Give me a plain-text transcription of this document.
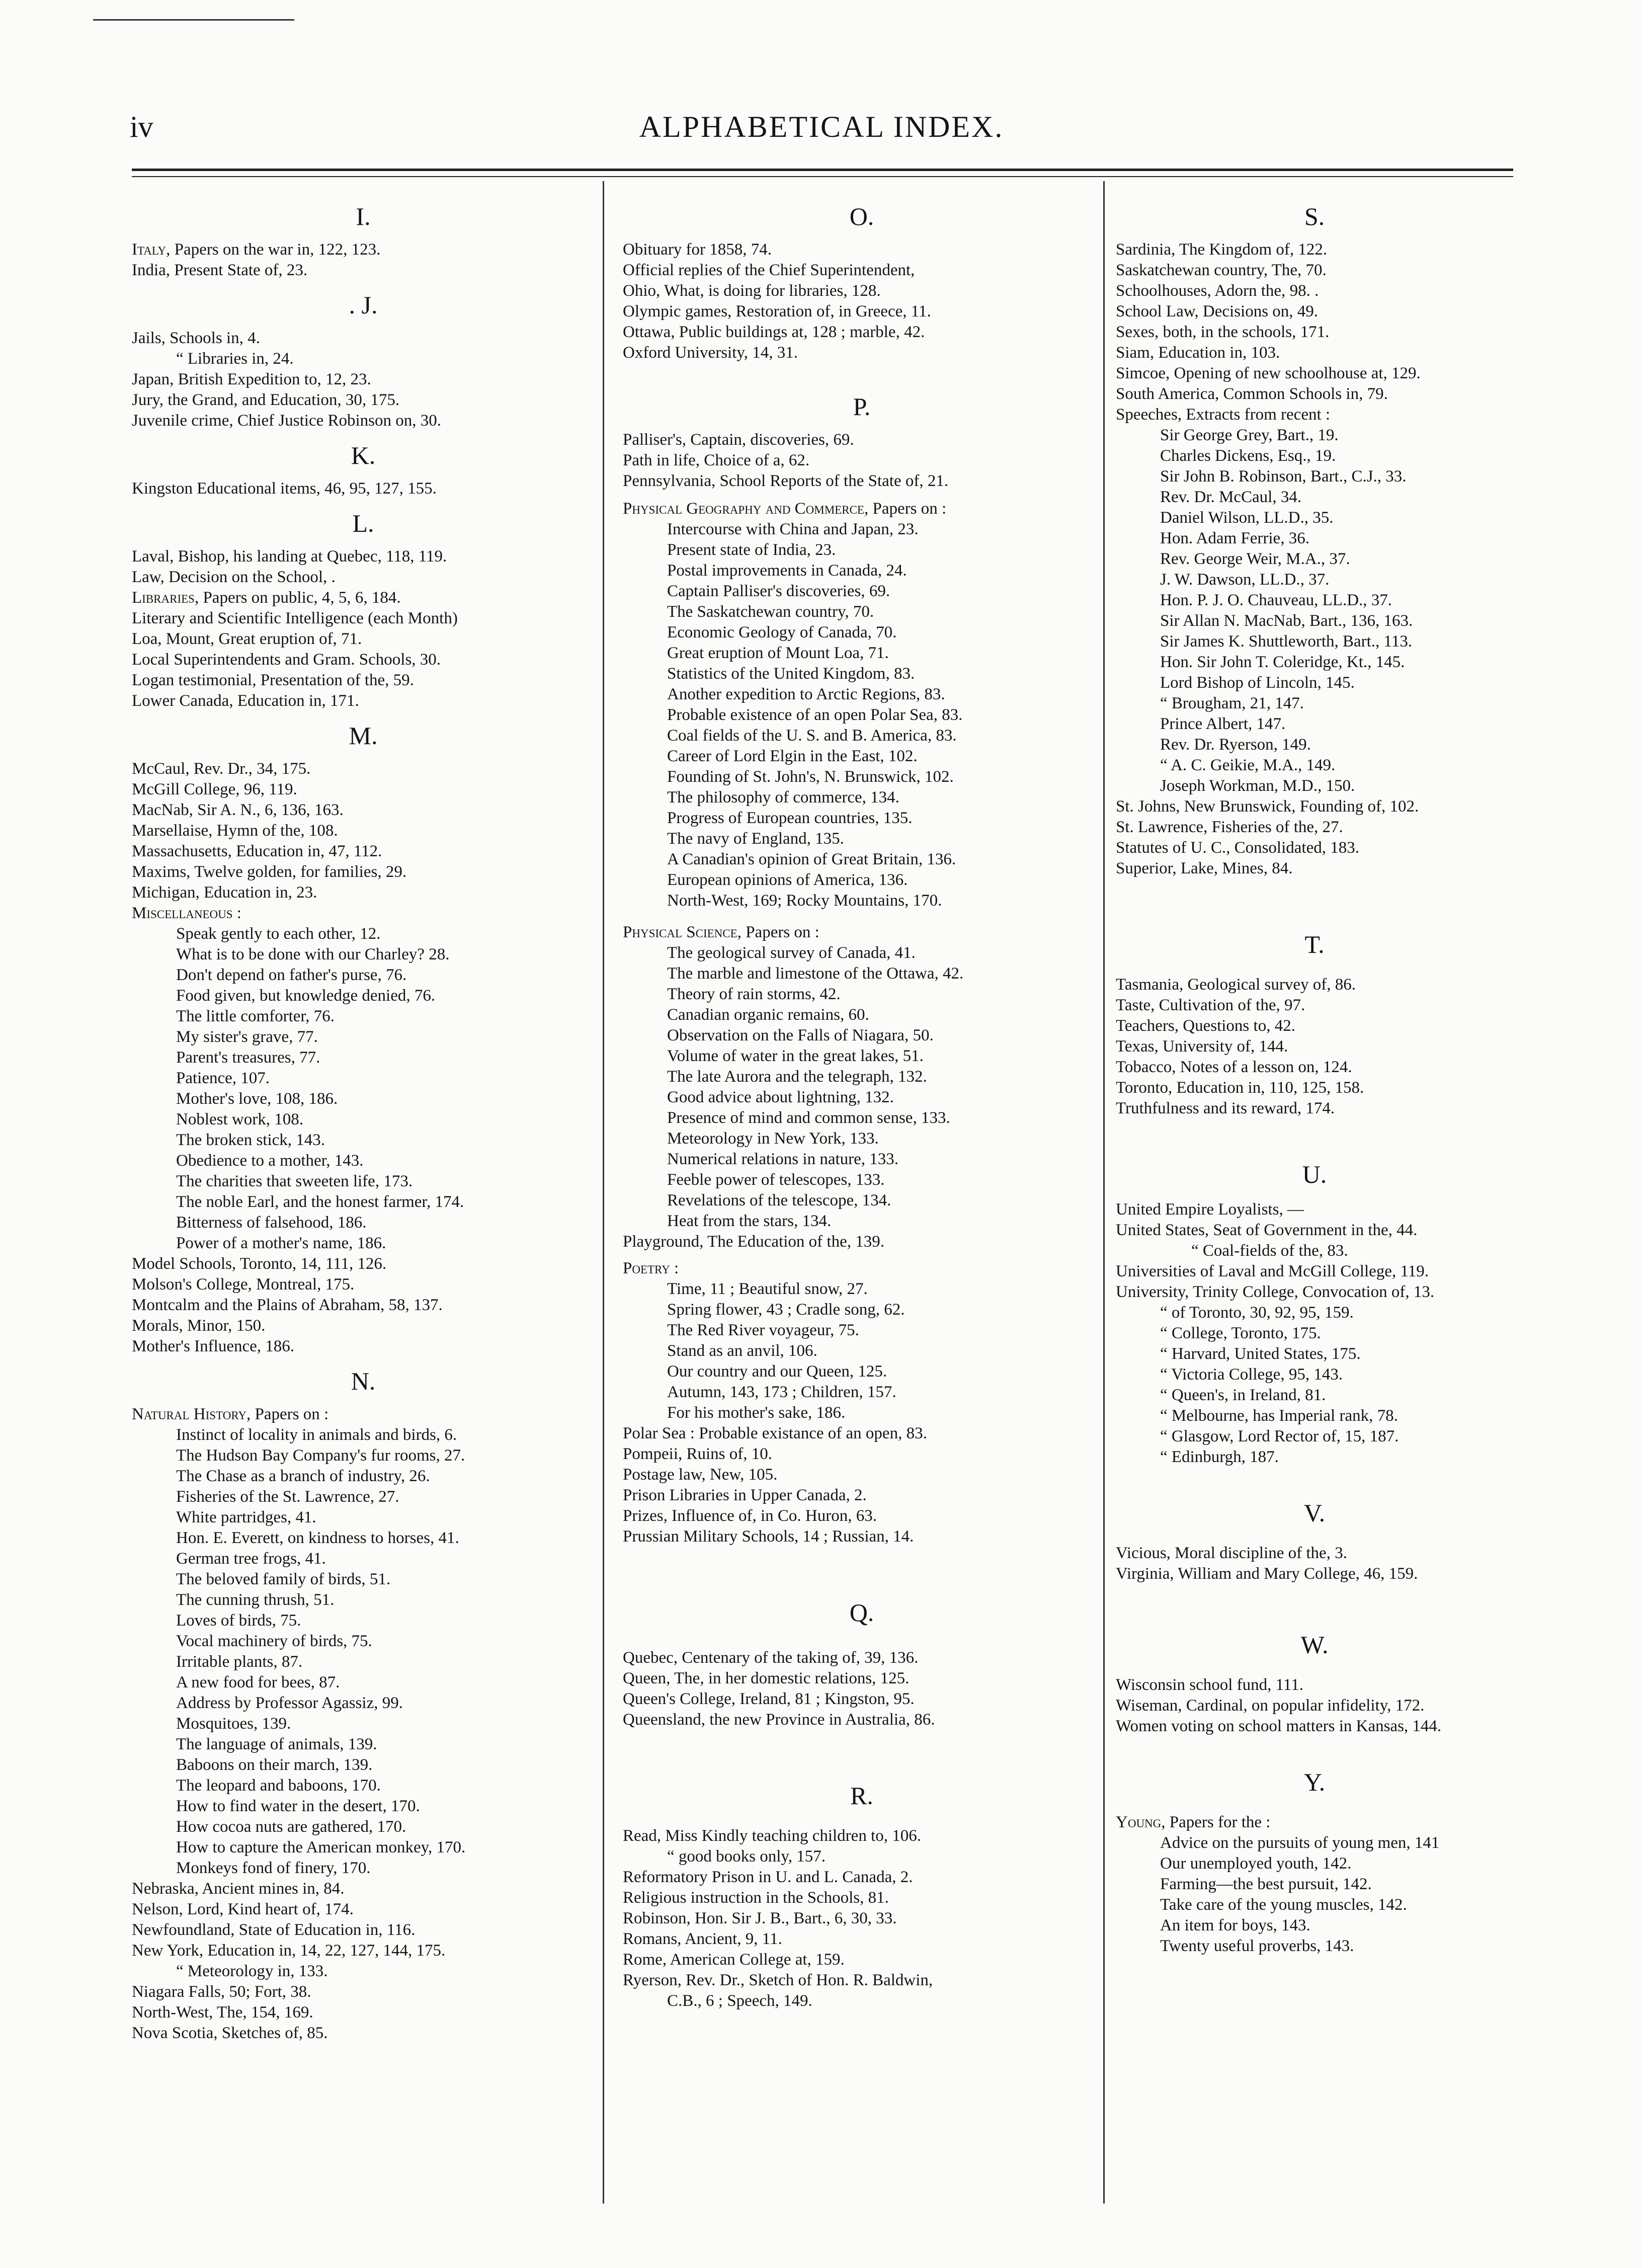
iv	ALPHABETICAL INDEX.
I.
Italy, Papers on the war in, 122, 123.
India, Present State of, 23.
. J.
Jails, Schools in, 4.
“ Libraries in, 24.
Japan, British Expedition to, 12, 23.
Jury, the Grand, and Education, 30, 175.
Juvenile crime, Chief Justice Robinson on, 30.
K.
Kingston Educational items, 46, 95, 127, 155.
L.
Laval, Bishop, his landing at Quebec, 118, 119.
Law, Decision on the School, .
Libraries, Papers on public, 4, 5, 6, 184.
Literary and Scientific Intelligence (each Month)
Loa, Mount, Great eruption of, 71.
Local Superintendents and Gram. Schools, 30.
Logan testimonial, Presentation of the, 59.
Lower Canada, Education in, 171.
M.
McCaul, Rev. Dr., 34, 175.
McGill College, 96, 119.
MacNab, Sir A. N., 6, 136, 163.
Marsellaise, Hymn of the, 108.
Massachusetts, Education in, 47, 112.
Maxims, Twelve golden, for families, 29.
Michigan, Education in, 23.
Miscellaneous :
Speak gently to each other, 12.
What is to be done with our Charley? 28.
Don't depend on father's purse, 76.
Food given, but knowledge denied, 76.
The little comforter, 76.
My sister's grave, 77.
Parent's treasures, 77.
Patience, 107.
Mother's love, 108, 186.
Noblest work, 108.
The broken stick, 143.
Obedience to a mother, 143.
The charities that sweeten life, 173.
The noble Earl, and the honest farmer, 174.
Bitterness of falsehood, 186.
Power of a mother's name, 186.
Model Schools, Toronto, 14, 111, 126.
Molson's College, Montreal, 175.
Montcalm and the Plains of Abraham, 58, 137.
Morals, Minor, 150.
Mother's Influence, 186.
N.
Natural History, Papers on :
Instinct of locality in animals and birds, 6.
The Hudson Bay Company's fur rooms, 27.
The Chase as a branch of industry, 26.
Fisheries of the St. Lawrence, 27.
White partridges, 41.
Hon. E. Everett, on kindness to horses, 41.
German tree frogs, 41.
The beloved family of birds, 51.
The cunning thrush, 51.
Loves of birds, 75.
Vocal machinery of birds, 75.
Irritable plants, 87.
A new food for bees, 87.
Address by Professor Agassiz, 99.
Mosquitoes, 139.
The language of animals, 139.
Baboons on their march, 139.
The leopard and baboons, 170.
How to find water in the desert, 170.
How cocoa nuts are gathered, 170.
How to capture the American monkey, 170.
Monkeys fond of finery, 170.
Nebraska, Ancient mines in, 84.
Nelson, Lord, Kind heart of, 174.
Newfoundland, State of Education in, 116.
New York, Education in, 14, 22, 127, 144, 175.
“ Meteorology in, 133.
Niagara Falls, 50; Fort, 38.
North-West, The, 154, 169.
Nova Scotia, Sketches of, 85.
O.
Obituary for 1858, 74.
Official replies of the Chief Superintendent,
Ohio, What, is doing for libraries, 128.
Olympic games, Restoration of, in Greece, 11.
Ottawa, Public buildings at, 128 ; marble, 42.
Oxford University, 14, 31.
P.
Palliser's, Captain, discoveries, 69.
Path in life, Choice of a, 62.
Pennsylvania, School Reports of the State of, 21.
Physical Geography and Commerce, Papers on :
Intercourse with China and Japan, 23.
Present state of India, 23.
Postal improvements in Canada, 24.
Captain Palliser's discoveries, 69.
The Saskatchewan country, 70.
Economic Geology of Canada, 70.
Great eruption of Mount Loa, 71.
Statistics of the United Kingdom, 83.
Another expedition to Arctic Regions, 83.
Probable existence of an open Polar Sea, 83.
Coal fields of the U. S. and B. America, 83.
Career of Lord Elgin in the East, 102.
Founding of St. John's, N. Brunswick, 102.
The philosophy of commerce, 134.
Progress of European countries, 135.
The navy of England, 135.
A Canadian's opinion of Great Britain, 136.
European opinions of America, 136.
North-West, 169; Rocky Mountains, 170.
Physical Science, Papers on :
The geological survey of Canada, 41.
The marble and limestone of the Ottawa, 42.
Theory of rain storms, 42.
Canadian organic remains, 60.
Observation on the Falls of Niagara, 50.
Volume of water in the great lakes, 51.
The late Aurora and the telegraph, 132.
Good advice about lightning, 132.
Presence of mind and common sense, 133.
Meteorology in New York, 133.
Numerical relations in nature, 133.
Feeble power of telescopes, 133.
Revelations of the telescope, 134.
Heat from the stars, 134.
Playground, The Education of the, 139.
Poetry :
Time, 11 ; Beautiful snow, 27.
Spring flower, 43 ; Cradle song, 62.
The Red River voyageur, 75.
Stand as an anvil, 106.
Our country and our Queen, 125.
Autumn, 143, 173 ; Children, 157.
For his mother's sake, 186.
Polar Sea : Probable existance of an open, 83.
Pompeii, Ruins of, 10.
Postage law, New, 105.
Prison Libraries in Upper Canada, 2.
Prizes, Influence of, in Co. Huron, 63.
Prussian Military Schools, 14 ; Russian, 14.
Q.
Quebec, Centenary of the taking of, 39, 136.
Queen, The, in her domestic relations, 125.
Queen's College, Ireland, 81 ; Kingston, 95.
Queensland, the new Province in Australia, 86.
R.
Read, Miss Kindly teaching children to, 106.
“ good books only, 157.
Reformatory Prison in U. and L. Canada, 2.
Religious instruction in the Schools, 81.
Robinson, Hon. Sir J. B., Bart., 6, 30, 33.
Romans, Ancient, 9, 11.
Rome, American College at, 159.
Ryerson, Rev. Dr., Sketch of Hon. R. Baldwin,
C.B., 6 ; Speech, 149.
S.
Sardinia, The Kingdom of, 122.
Saskatchewan country, The, 70.
Schoolhouses, Adorn the, 98. .
School Law, Decisions on, 49.
Sexes, both, in the schools, 171.
Siam, Education in, 103.
Simcoe, Opening of new schoolhouse at, 129.
South America, Common Schools in, 79.
Speeches, Extracts from recent :
Sir George Grey, Bart., 19.
Charles Dickens, Esq., 19.
Sir John B. Robinson, Bart., C.J., 33.
Rev. Dr. McCaul, 34.
Daniel Wilson, LL.D., 35.
Hon. Adam Ferrie, 36.
Rev. George Weir, M.A., 37.
J. W. Dawson, LL.D., 37.
Hon. P. J. O. Chauveau, LL.D., 37.
Sir Allan N. MacNab, Bart., 136, 163.
Sir James K. Shuttleworth, Bart., 113.
Hon. Sir John T. Coleridge, Kt., 145.
Lord Bishop of Lincoln, 145.
“ Brougham, 21, 147.
Prince Albert, 147.
Rev. Dr. Ryerson, 149.
“ A. C. Geikie, M.A., 149.
Joseph Workman, M.D., 150.
St. Johns, New Brunswick, Founding of, 102.
St. Lawrence, Fisheries of the, 27.
Statutes of U. C., Consolidated, 183.
Superior, Lake, Mines, 84.
T.
Tasmania, Geological survey of, 86.
Taste, Cultivation of the, 97.
Teachers, Questions to, 42.
Texas, University of, 144.
Tobacco, Notes of a lesson on, 124.
Toronto, Education in, 110, 125, 158.
Truthfulness and its reward, 174.
U.
United Empire Loyalists, —
United States, Seat of Government in the, 44.
“ Coal-fields of the, 83.
Universities of Laval and McGill College, 119.
University, Trinity College, Convocation of, 13.
“ of Toronto, 30, 92, 95, 159.
“ College, Toronto, 175.
“ Harvard, United States, 175.
“ Victoria College, 95, 143.
“ Queen's, in Ireland, 81.
“ Melbourne, has Imperial rank, 78.
“ Glasgow, Lord Rector of, 15, 187.
“ Edinburgh, 187.
V.
Vicious, Moral discipline of the, 3.
Virginia, William and Mary College, 46, 159.
W.
Wisconsin school fund, 111.
Wiseman, Cardinal, on popular infidelity, 172.
Women voting on school matters in Kansas, 144.
Y.
Young, Papers for the :
Advice on the pursuits of young men, 141
Our unemployed youth, 142.
Farming—the best pursuit, 142.
Take care of the young muscles, 142.
An item for boys, 143.
Twenty useful proverbs, 143.
